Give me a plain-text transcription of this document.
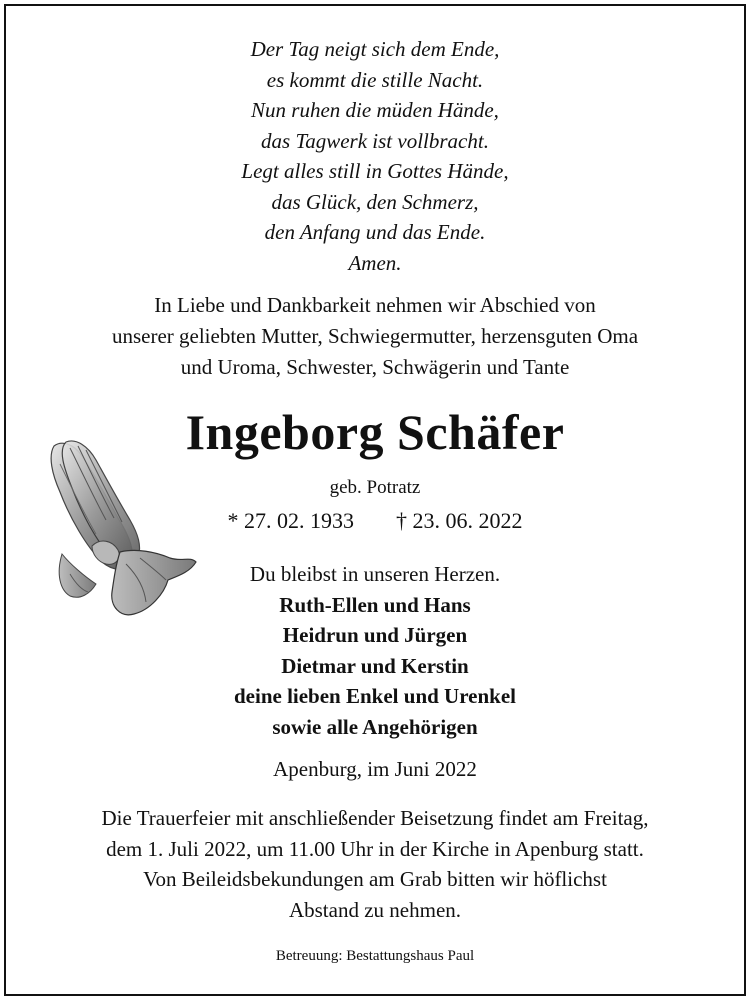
Der Tag neigt sich dem Ende,
es kommt die stille Nacht.
Nun ruhen die müden Hände,
das Tagwerk ist vollbracht.
Legt alles still in Gottes Hände,
das Glück, den Schmerz,
den Anfang und das Ende.
Amen.
In Liebe und Dankbarkeit nehmen wir Abschied von
unserer geliebten Mutter, Schwiegermutter, herzensguten Oma
und Uroma, Schwester, Schwägerin und Tante
Ingeborg Schäfer
geb. Potratz
* 27. 02. 1933 † 23. 06. 2022
Du bleibst in unseren Herzen.
Ruth-Ellen und Hans
Heidrun und Jürgen
Dietmar und Kerstin
deine lieben Enkel und Urenkel
sowie alle Angehörigen
Apenburg, im Juni 2022
Die Trauerfeier mit anschließender Beisetzung findet am Freitag,
dem 1. Juli 2022, um 11.00 Uhr in der Kirche in Apenburg statt.
Von Beileidsbekundungen am Grab bitten wir höflichst
Abstand zu nehmen.
Betreuung: Bestattungshaus Paul
